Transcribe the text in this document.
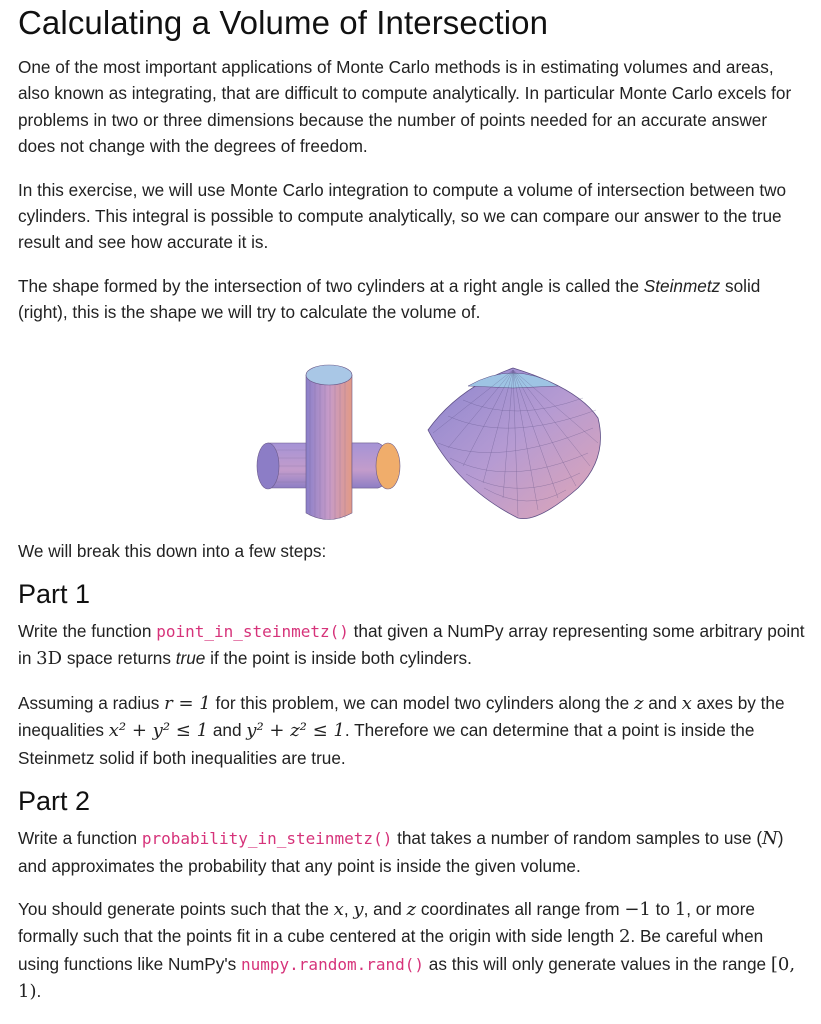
Calculating a Volume of Intersection

One of the most important applications of Monte Carlo methods is in estimating volumes and areas, also known as integrating, that are difficult to compute analytically. In particular Monte Carlo excels for problems in two or three dimensions because the number of points needed for an accurate answer does not change with the degrees of freedom.

In this exercise, we will use Monte Carlo integration to compute a volume of intersection between two cylinders. This integral is possible to compute analytically, so we can compare our answer to the true result and see how accurate it is.

The shape formed by the intersection of two cylinders at a right angle is called the Steinmetz solid (right), this is the shape we will try to calculate the volume of.

We will break this down into a few steps:

Part 1

Write the function point_in_steinmetz() that given a NumPy array representing some arbitrary point in 3D space returns true if the point is inside both cylinders.

Assuming a radius r = 1 for this problem, we can model two cylinders along the z and x axes by the inequalities x² + y² ≤ 1 and y² + z² ≤ 1. Therefore we can determine that a point is inside the Steinmetz solid if both inequalities are true.

Part 2

Write a function probability_in_steinmetz() that takes a number of random samples to use (N) and approximates the probability that any point is inside the given volume.

You should generate points such that the x, y, and z coordinates all range from −1 to 1, or more formally such that the points fit in a cube centered at the origin with side length 2. Be careful when using functions like NumPy's numpy.random.rand() as this will only generate values in the range [0, 1).
